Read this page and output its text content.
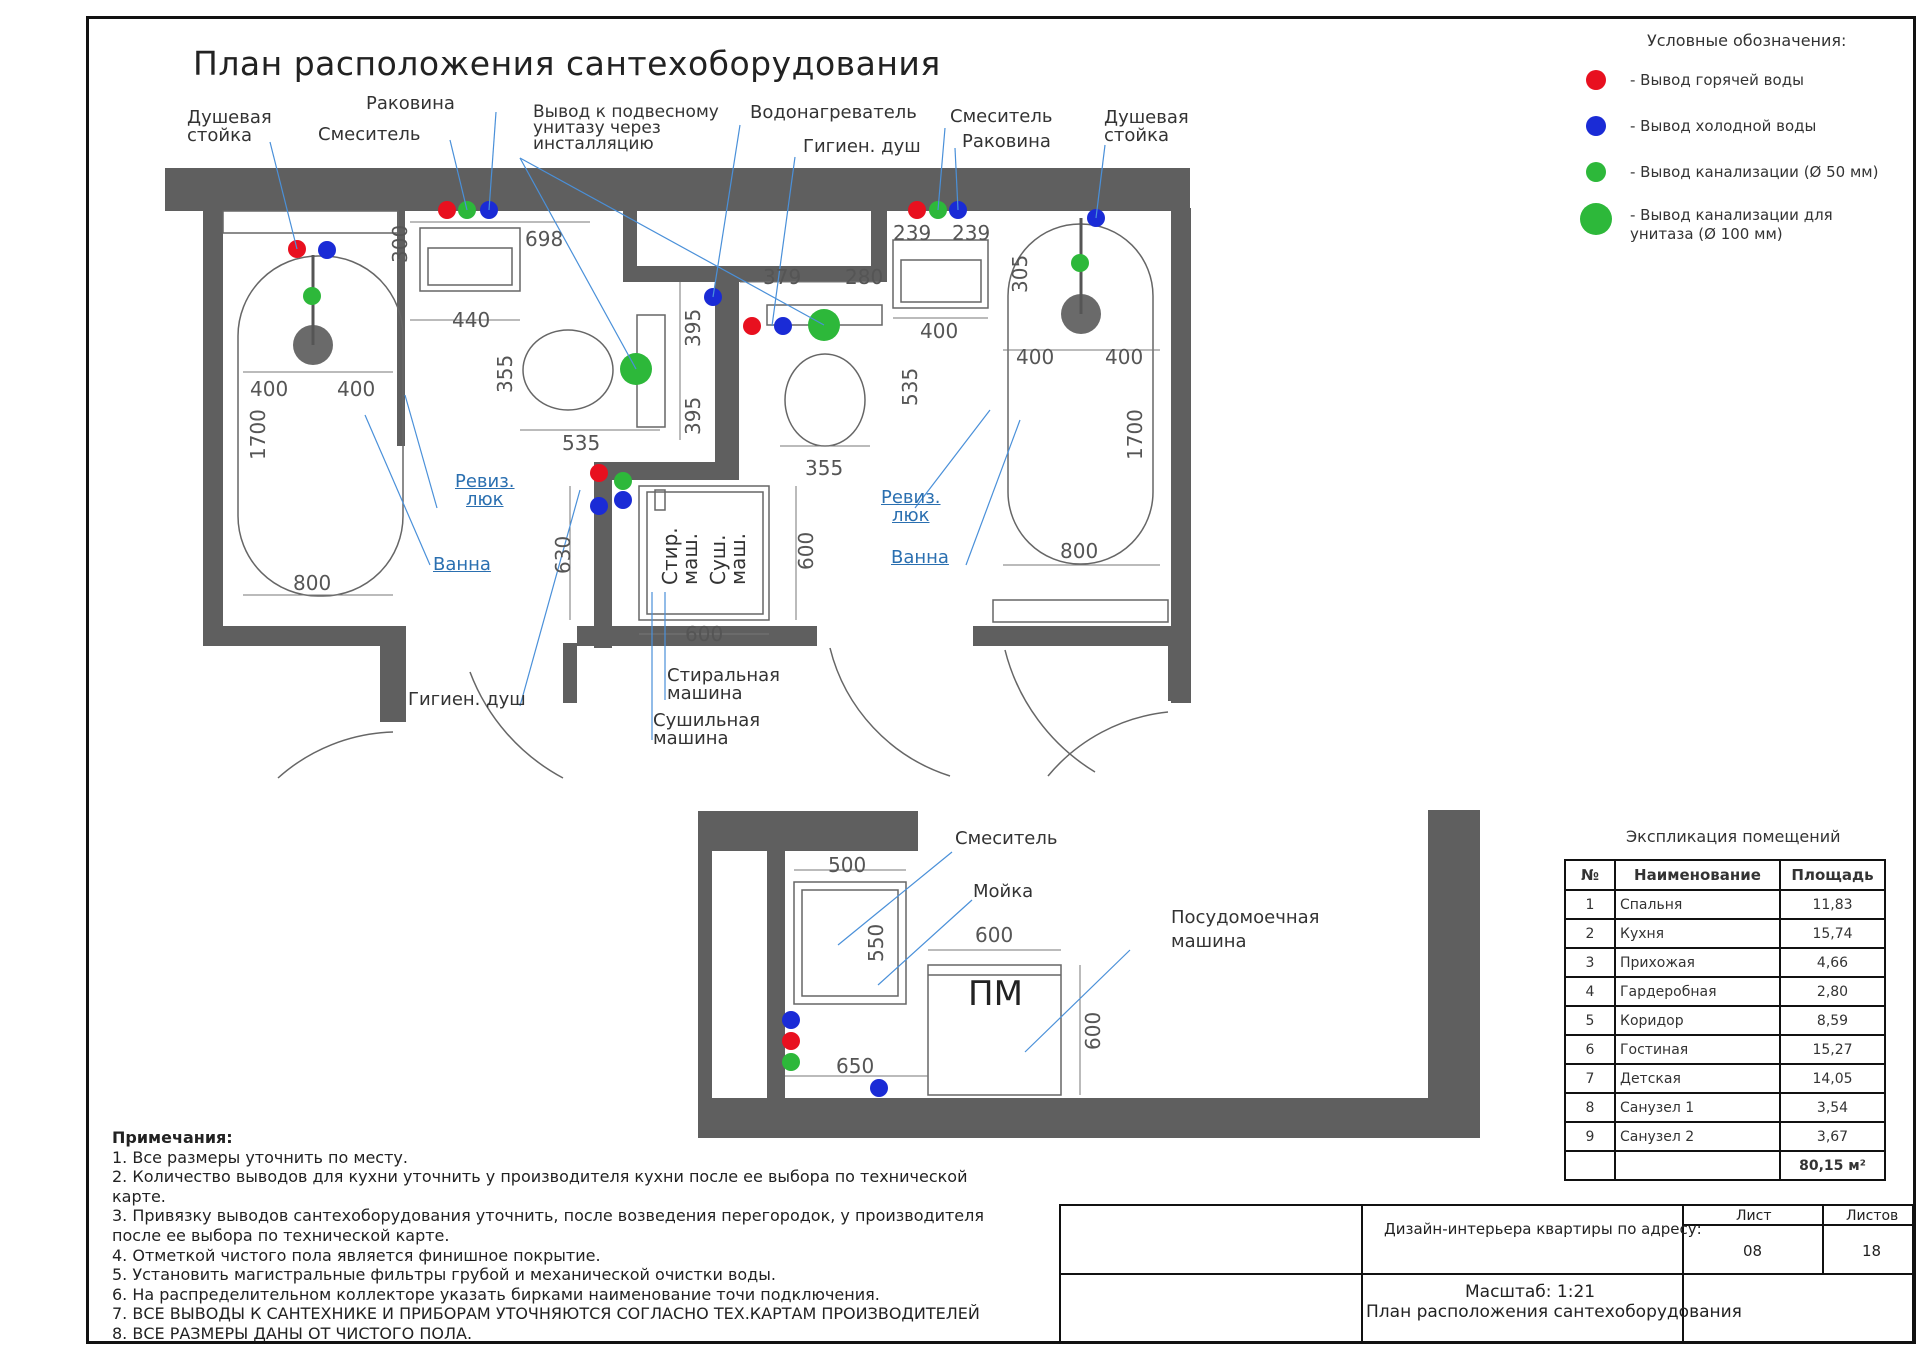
698
440
400 400
800
535
600
379 280
355
239 239
400
400	400
800
500
600
650
300
1700
355
395
395
630	600
535
305
1700
550
600
План расположения сантехоборудования
Условные обозначения:
- Вывод горячей воды
- Вывод холодной воды
- Вывод канализации (Ø 50 мм)
- Вывод канализации для
унитаза (Ø 100 мм)
Душевая
стойка
Раковина
Смеситель
Вывод к подвесному
унитазу через
инсталляцию
Водонагреватель
Гигиен. душ
Смеситель
Раковина
Душевая
стойка
Ревиз.
люк
Ванна
Ревиз.
люк
Ванна
Гигиен. душ
Стиральная
машина
Сушильная
машина
Стир.
маш. Суш.
маш.
Смеситель
Мойка
Посудомоечная
машина
ПМ
Примечания:
1. Все размеры уточнить по месту.
2. Количество выводов для кухни уточнить у производителя кухни после ее выбора по технической карте.
3. Привязку выводов сантехоборудования уточнить, после возведения перегородок, у производителя после ее выбора по технической карте.
4. Отметкой чистого пола является финишное покрытие.
5. Установить магистральные фильтры грубой и механической очистки воды.
6. На распределительном коллекторе указать бирками наименование точи подключения.
7. ВСЕ ВЫВОДЫ К САНТЕХНИКЕ И ПРИБОРАМ УТОЧНЯЮТСЯ СОГЛАСНО ТЕХ.КАРТАМ ПРОИЗВОДИТЕЛЕЙ
8. ВСЕ РАЗМЕРЫ ДАНЫ ОТ ЧИСТОГО ПОЛА.
Экспликация помещений
№	Наименование	Площадь
1	Спальня	11,83
2	Кухня	15,74
3	Прихожая	4,66
4	Гардеробная	2,80
5	Коридор	8,59
6	Гостиная	15,27
7	Детская	14,05
8	Санузел 1	3,54
9	Санузел 2	3,67
		80,15 м²
Дизайн-интерьера квартиры по адресу:
Лист	Листов
08	18
Масштаб: 1:21
План расположения сантехоборудования
